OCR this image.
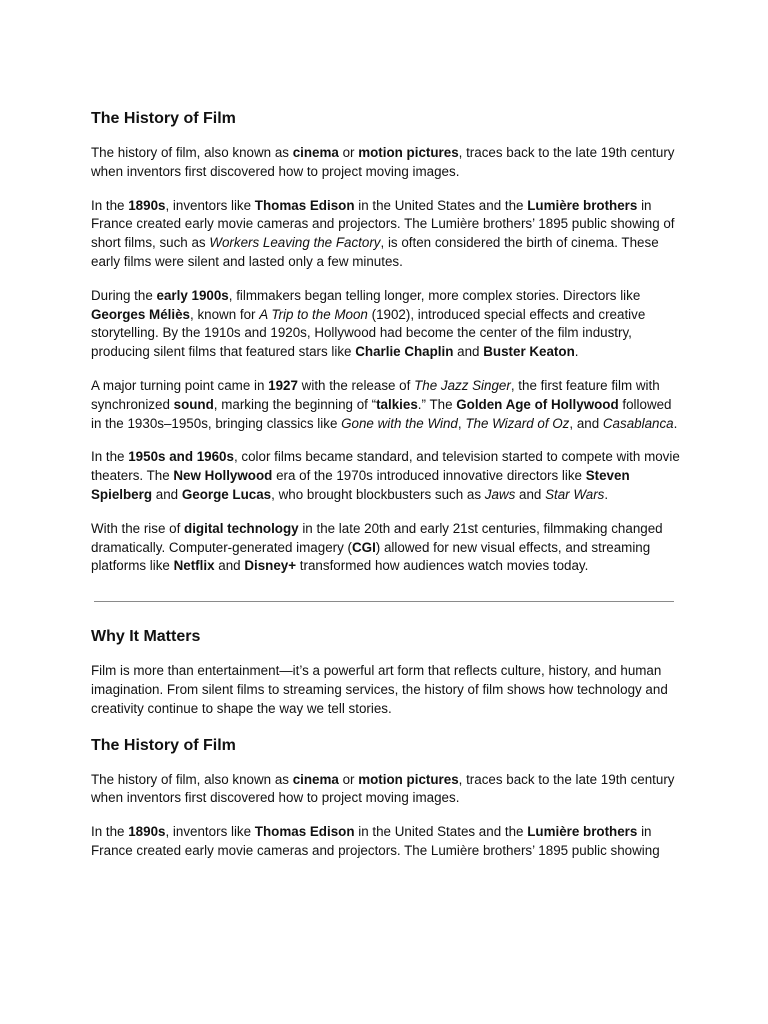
The History of Film

The history of film, also known as cinema or motion pictures, traces back to the late 19th century when inventors first discovered how to project moving images.

In the 1890s, inventors like Thomas Edison in the United States and the Lumière brothers in France created early movie cameras and projectors. The Lumière brothers’ 1895 public showing of short films, such as Workers Leaving the Factory, is often considered the birth of cinema. These early films were silent and lasted only a few minutes.

During the early 1900s, filmmakers began telling longer, more complex stories. Directors like Georges Méliès, known for A Trip to the Moon (1902), introduced special effects and creative storytelling. By the 1910s and 1920s, Hollywood had become the center of the film industry, producing silent films that featured stars like Charlie Chaplin and Buster Keaton.

A major turning point came in 1927 with the release of The Jazz Singer, the first feature film with synchronized sound, marking the beginning of “talkies.” The Golden Age of Hollywood followed in the 1930s–1950s, bringing classics like Gone with the Wind, The Wizard of Oz, and Casablanca.

In the 1950s and 1960s, color films became standard, and television started to compete with movie theaters. The New Hollywood era of the 1970s introduced innovative directors like Steven Spielberg and George Lucas, who brought blockbusters such as Jaws and Star Wars.

With the rise of digital technology in the late 20th and early 21st centuries, filmmaking changed dramatically. Computer-generated imagery (CGI) allowed for new visual effects, and streaming platforms like Netflix and Disney+ transformed how audiences watch movies today.

Why It Matters

Film is more than entertainment—it’s a powerful art form that reflects culture, history, and human imagination. From silent films to streaming services, the history of film shows how technology and creativity continue to shape the way we tell stories.

The History of Film

The history of film, also known as cinema or motion pictures, traces back to the late 19th century when inventors first discovered how to project moving images.

In the 1890s, inventors like Thomas Edison in the United States and the Lumière brothers in France created early movie cameras and projectors. The Lumière brothers’ 1895 public showing
